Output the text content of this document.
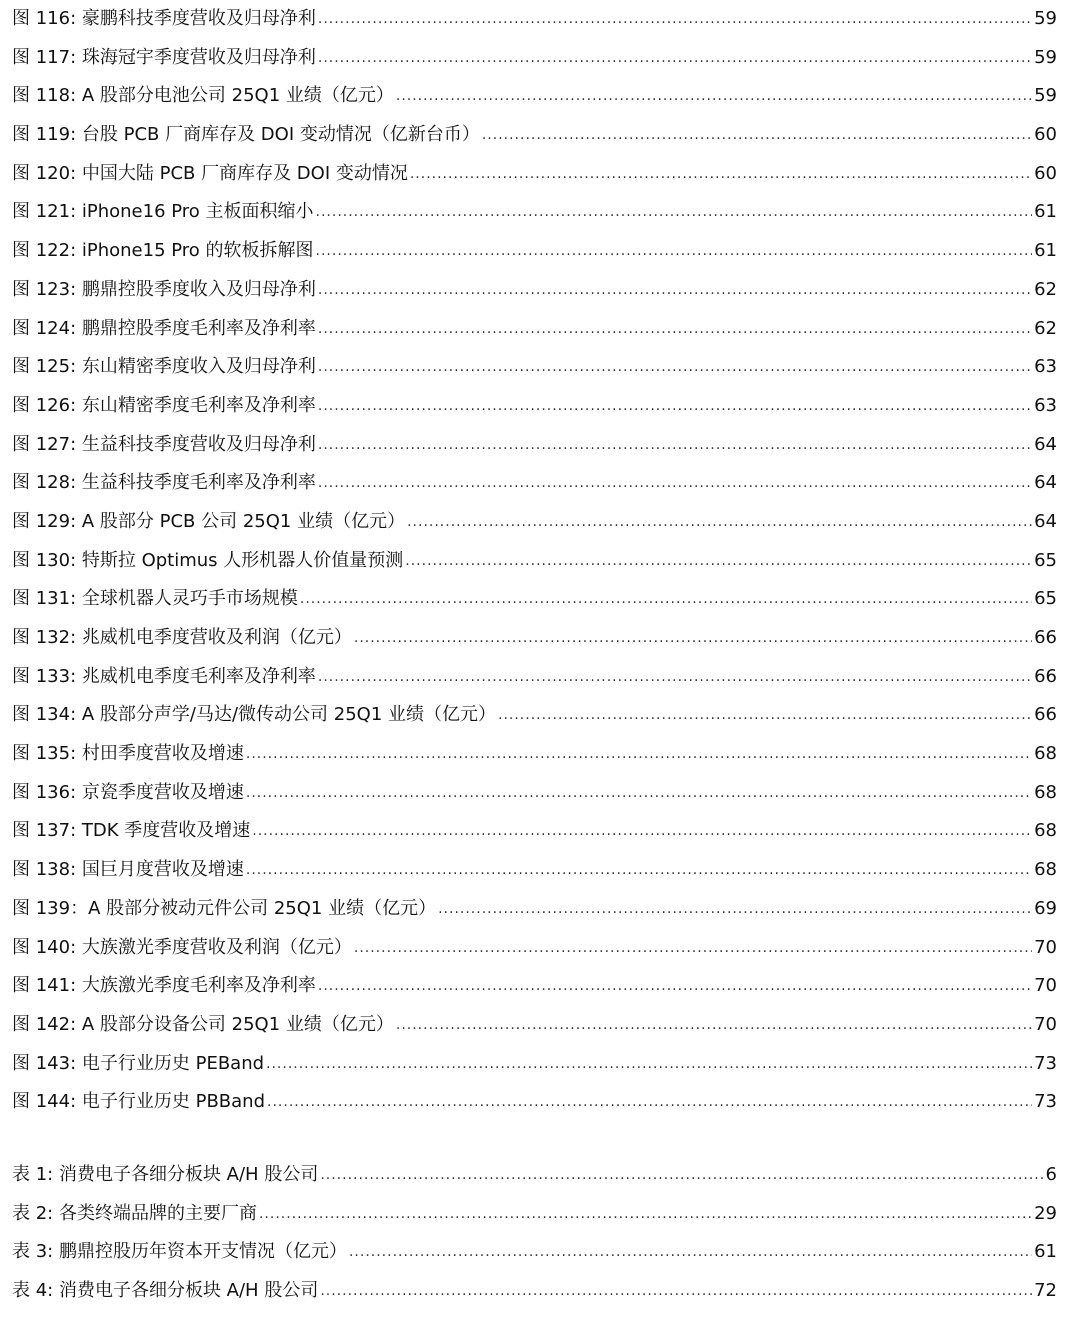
图 116: 豪鹏科技季度营收及归母净利 .....	59
图 117: 珠海冠宇季度营收及归母净利 .....	59
图 118: A 股部分电池公司 25Q1 业绩（亿元） .....	59
图 119: 台股 PCB 厂商库存及 DOI 变动情况（亿新台币） .....	60
图 120: 中国大陆 PCB 厂商库存及 DOI 变动情况 .....	60
图 121: iPhone16 Pro 主板面积缩小 .....	61
图 122: iPhone15 Pro 的软板拆解图 .....	61
图 123: 鹏鼎控股季度收入及归母净利 .....	62
图 124: 鹏鼎控股季度毛利率及净利率 .....	62
图 125: 东山精密季度收入及归母净利 .....	63
图 126: 东山精密季度毛利率及净利率 .....	63
图 127: 生益科技季度营收及归母净利 .....	64
图 128: 生益科技季度毛利率及净利率 .....	64
图 129: A 股部分 PCB 公司 25Q1 业绩（亿元） .....	64
图 130: 特斯拉 Optimus 人形机器人价值量预测 .....	65
图 131: 全球机器人灵巧手市场规模 .....	65
图 132: 兆威机电季度营收及利润（亿元） .....	66
图 133: 兆威机电季度毛利率及净利率 .....	66
图 134: A 股部分声学/马达/微传动公司 25Q1 业绩（亿元） .....	66
图 135: 村田季度营收及增速 .....	68
图 136: 京瓷季度营收及增速 .....	68
图 137: TDK 季度营收及增速 .....	68
图 138: 国巨月度营收及增速 .....	68
图 139：A 股部分被动元件公司 25Q1 业绩（亿元） .....	69
图 140: 大族激光季度营收及利润（亿元） .....	70
图 141: 大族激光季度毛利率及净利率 .....	70
图 142: A 股部分设备公司 25Q1 业绩（亿元） .....	70
图 143: 电子行业历史 PEBand .....	73
图 144: 电子行业历史 PBBand .....	73
表 1: 消费电子各细分板块 A/H 股公司 .....	6
表 2: 各类终端品牌的主要厂商 .....	29
表 3: 鹏鼎控股历年资本开支情况（亿元） .....	61
表 4: 消费电子各细分板块 A/H 股公司 .....	72
